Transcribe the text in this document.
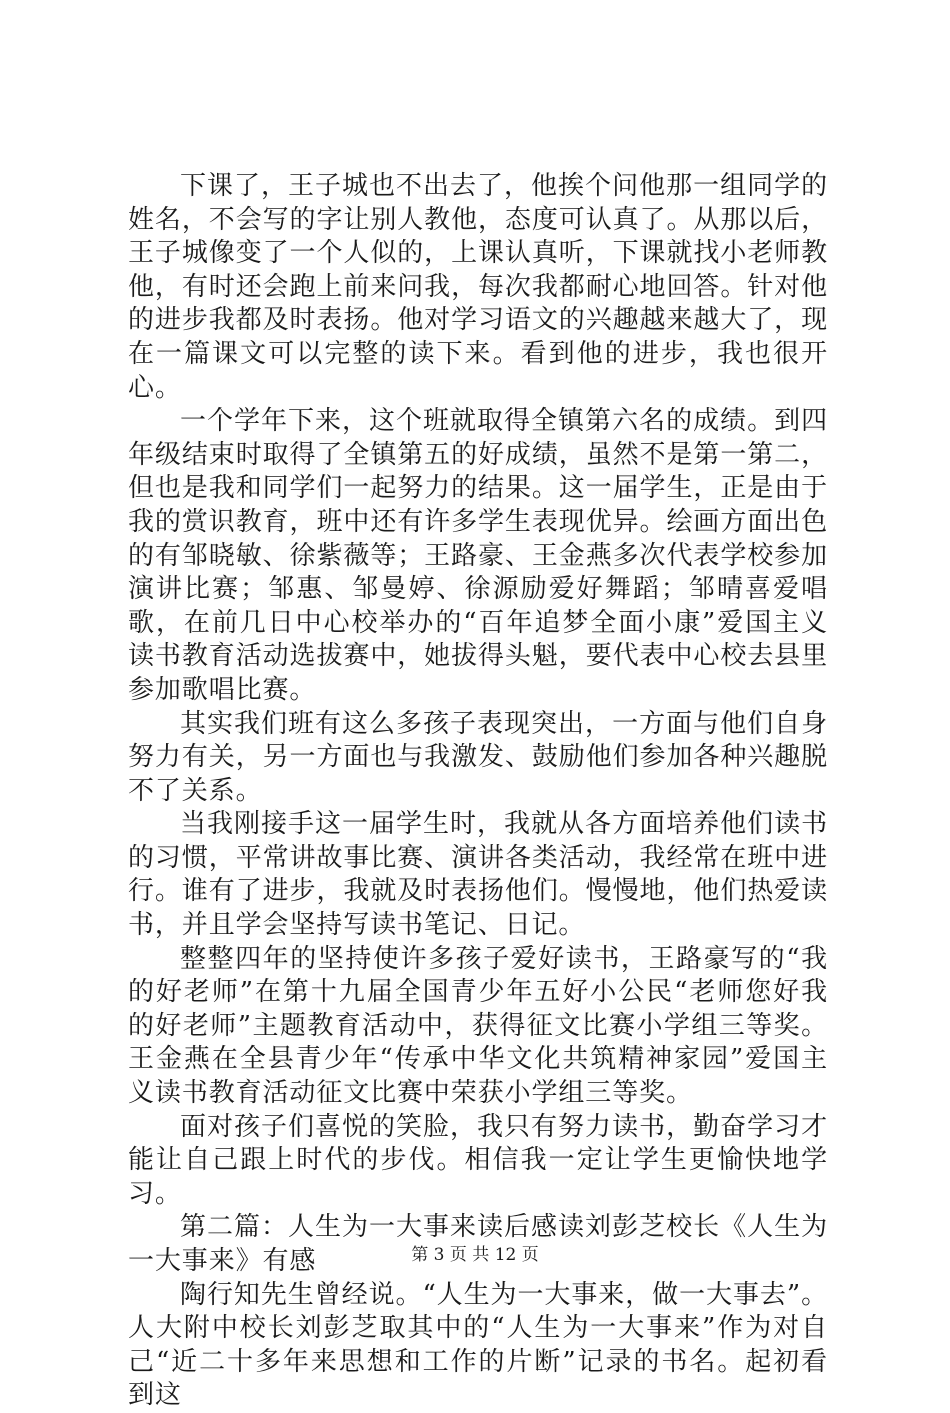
下课了，王子城也不出去了，他挨个问他那一组同学的姓名，不会写的字让别人教他，态度可认真了。从那以后，王子城像变了一个人似的，上课认真听，下课就找小老师教他，有时还会跑上前来问我，每次我都耐心地回答。针对他的进步我都及时表扬。他对学习语文的兴趣越来越大了，现在一篇课文可以完整的读下来。看到他的进步，我也很开心。

一个学年下来，这个班就取得全镇第六名的成绩。到四年级结束时取得了全镇第五的好成绩，虽然不是第一第二，但也是我和同学们一起努力的结果。这一届学生，正是由于我的赏识教育，班中还有许多学生表现优异。绘画方面出色的有邹晓敏、徐紫薇等；王路豪、王金燕多次代表学校参加演讲比赛；邹惠、邹曼婷、徐源励爱好舞蹈；邹晴喜爱唱歌，在前几日中心校举办的“百年追梦全面小康”爱国主义读书教育活动选拔赛中，她拔得头魁，要代表中心校去县里参加歌唱比赛。

其实我们班有这么多孩子表现突出，一方面与他们自身努力有关，另一方面也与我激发、鼓励他们参加各种兴趣脱不了关系。

当我刚接手这一届学生时，我就从各方面培养他们读书的习惯，平常讲故事比赛、演讲各类活动，我经常在班中进行。谁有了进步，我就及时表扬他们。慢慢地，他们热爱读书，并且学会坚持写读书笔记、日记。

整整四年的坚持使许多孩子爱好读书，王路豪写的“我的好老师”在第十九届全国青少年五好小公民“老师您好我的好老师”主题教育活动中，获得征文比赛小学组三等奖。王金燕在全县青少年“传承中华文化共筑精神家园”爱国主义读书教育活动征文比赛中荣获小学组三等奖。

面对孩子们喜悦的笑脸，我只有努力读书，勤奋学习才能让自己跟上时代的步伐。相信我一定让学生更愉快地学习。

第二篇：人生为一大事来读后感读刘彭芝校长《人生为一大事来》有感

陶行知先生曾经说。“人生为一大事来，做一大事去”。人大附中校长刘彭芝取其中的“人生为一大事来”作为对自己“近二十多年来思想和工作的片断”记录的书名。起初看到这

第 3 页 共 12 页
